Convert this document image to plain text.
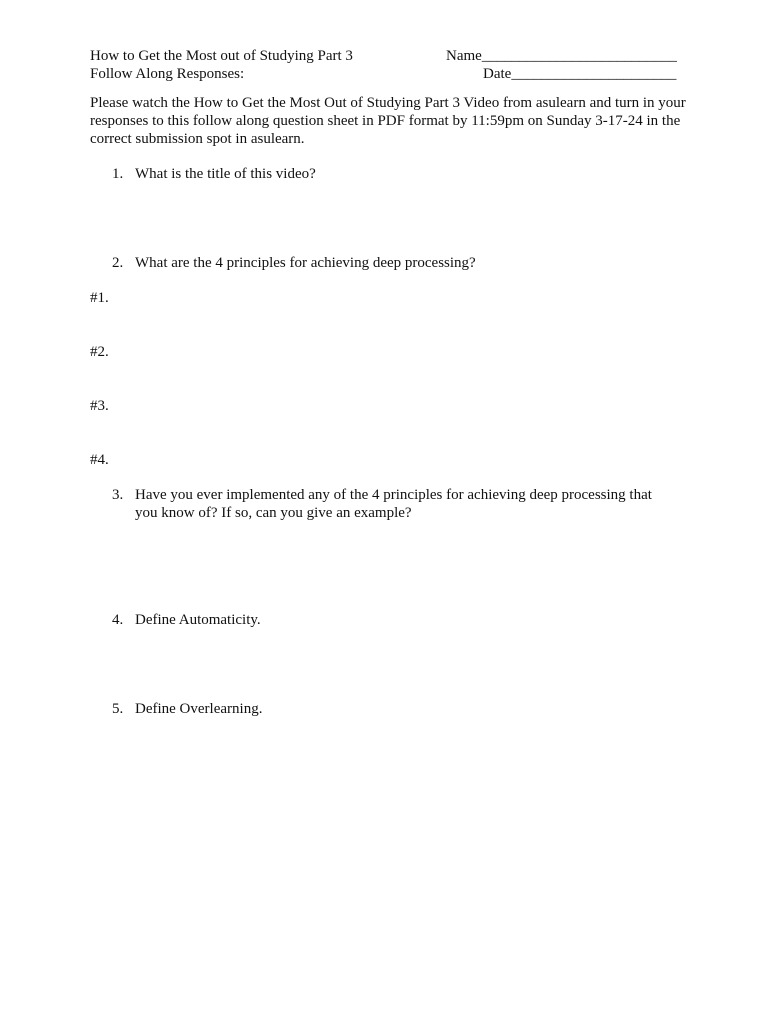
How to Get the Most out of Studying Part 3
Follow Along Responses:
Name__________________________
Date______________________
Please watch the How to Get the Most Out of Studying Part 3 Video from asulearn and turn in your responses to this follow along question sheet in PDF format by 11:59pm on Sunday 3-17-24 in the correct submission spot in asulearn.
1. What is the title of this video?
2. What are the 4 principles for achieving deep processing?
#1.
#2.
#3.
#4.
3. Have you ever implemented any of the 4 principles for achieving deep processing that you know of? If so, can you give an example?
4. Define Automaticity.
5. Define Overlearning.
